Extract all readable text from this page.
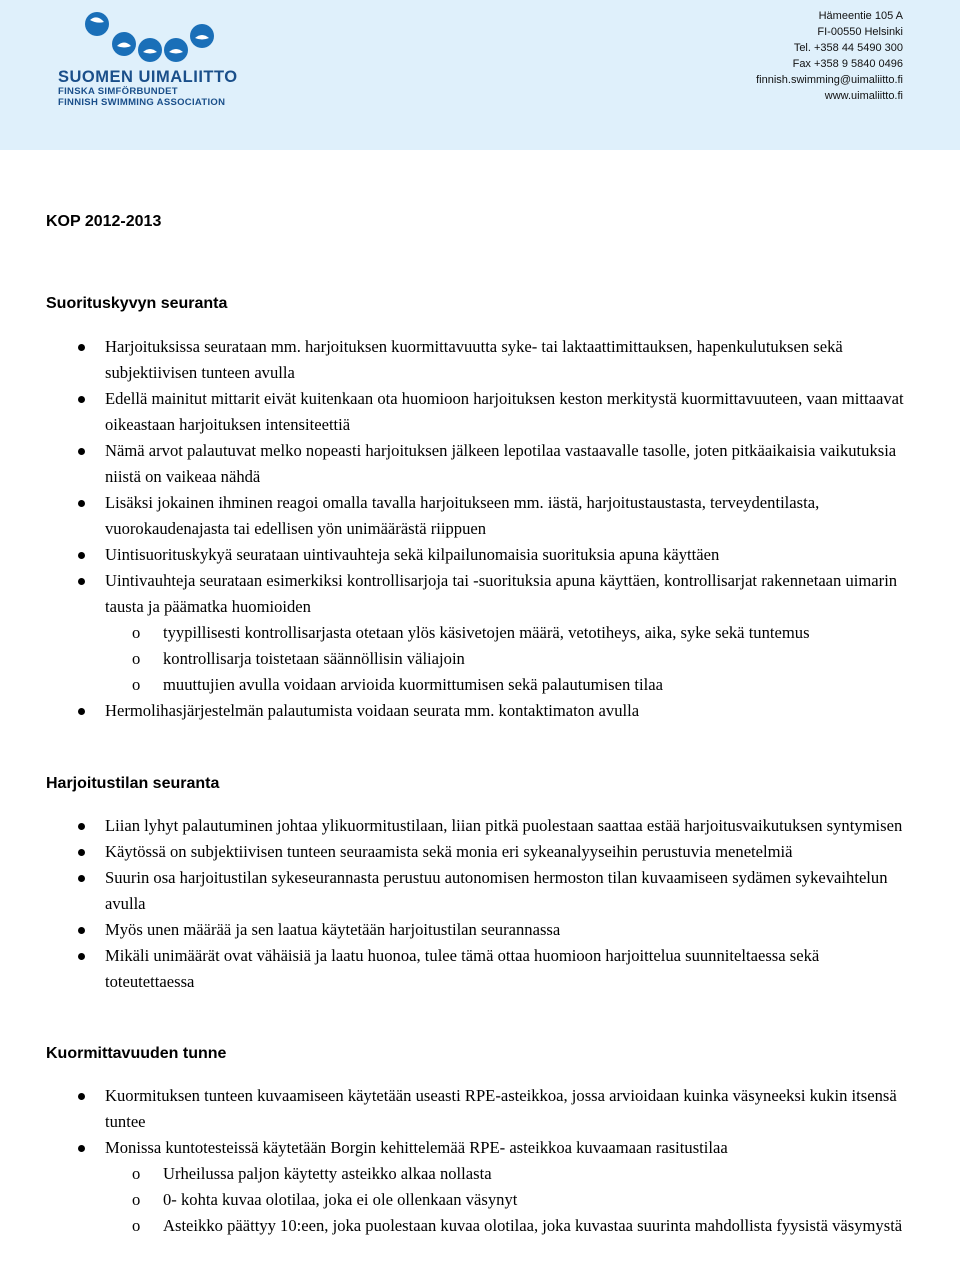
SUOMEN UIMALIITTO
FINSKA SIMFÖRBUNDET
FINNISH SWIMMING ASSOCIATION
Hämeentie 105 A
FI-00550 Helsinki
Tel. +358 44 5490 300
Fax +358 9 5840 0496
finnish.swimming@uimaliitto.fi
www.uimaliitto.fi
KOP 2012-2013
Suorituskyvyn seuranta
Harjoituksissa seurataan mm. harjoituksen kuormittavuutta syke- tai laktaattimittauksen, hapenkulutuksen sekä subjektiivisen tunteen avulla
Edellä mainitut mittarit eivät kuitenkaan ota huomioon harjoituksen keston merkitystä kuormittavuuteen, vaan mittaavat oikeastaan harjoituksen intensiteettiä
Nämä arvot palautuvat melko nopeasti harjoituksen jälkeen lepotilaa vastaavalle tasolle, joten pitkäaikaisia vaikutuksia niistä on vaikeaa nähdä
Lisäksi jokainen ihminen reagoi omalla tavalla harjoitukseen mm. iästä, harjoitustaustasta, terveydentilasta, vuorokaudenajasta tai edellisen yön unimäärästä riippuen
Uintisuorituskykyä seurataan uintivauhteja sekä kilpailunomaisia suorituksia apuna käyttäen
Uintivauhteja seurataan esimerkiksi kontrollisarjoja tai -suorituksia apuna käyttäen, kontrollisarjat rakennetaan uimarin tausta ja päämatka huomioiden
o tyypillisesti kontrollisarjasta otetaan ylös käsivetojen määrä, vetotiheys, aika, syke sekä tuntemus
o kontrollisarja toistetaan säännöllisin väliajoin
o muuttujien avulla voidaan arvioida kuormittumisen sekä palautumisen tilaa
Hermolihasjärjestelmän palautumista voidaan seurata mm. kontaktimaton avulla
Harjoitustilan seuranta
Liian lyhyt palautuminen johtaa ylikuormitustilaan, liian pitkä puolestaan saattaa estää harjoitusvaikutuksen syntymisen
Käytössä on subjektiivisen tunteen seuraamista sekä monia eri sykeanalyyseihin perustuvia menetelmiä
Suurin osa harjoitustilan sykeseurannasta perustuu autonomisen hermoston tilan kuvaamiseen sydämen sykevaihtelun avulla
Myös unen määrää ja sen laatua käytetään harjoitustilan seurannassa
Mikäli unimäärät ovat vähäisiä ja laatu huonoa, tulee tämä ottaa huomioon harjoittelua suunniteltaessa sekä toteutettaessa
Kuormittavuuden tunne
Kuormituksen tunteen kuvaamiseen käytetään useasti RPE-asteikkoa, jossa arvioidaan kuinka väsyneeksi kukin itsensä tuntee
Monissa kuntotesteissä käytetään Borgin kehittelemää RPE- asteikkoa kuvaamaan rasitustilaa
o Urheilussa paljon käytetty asteikko alkaa nollasta
o 0- kohta kuvaa olotilaa, joka ei ole ollenkaan väsynyt
o Asteikko päättyy 10:een, joka puolestaan kuvaa olotilaa, joka kuvastaa suurinta mahdollista fyysistä väsymystä
